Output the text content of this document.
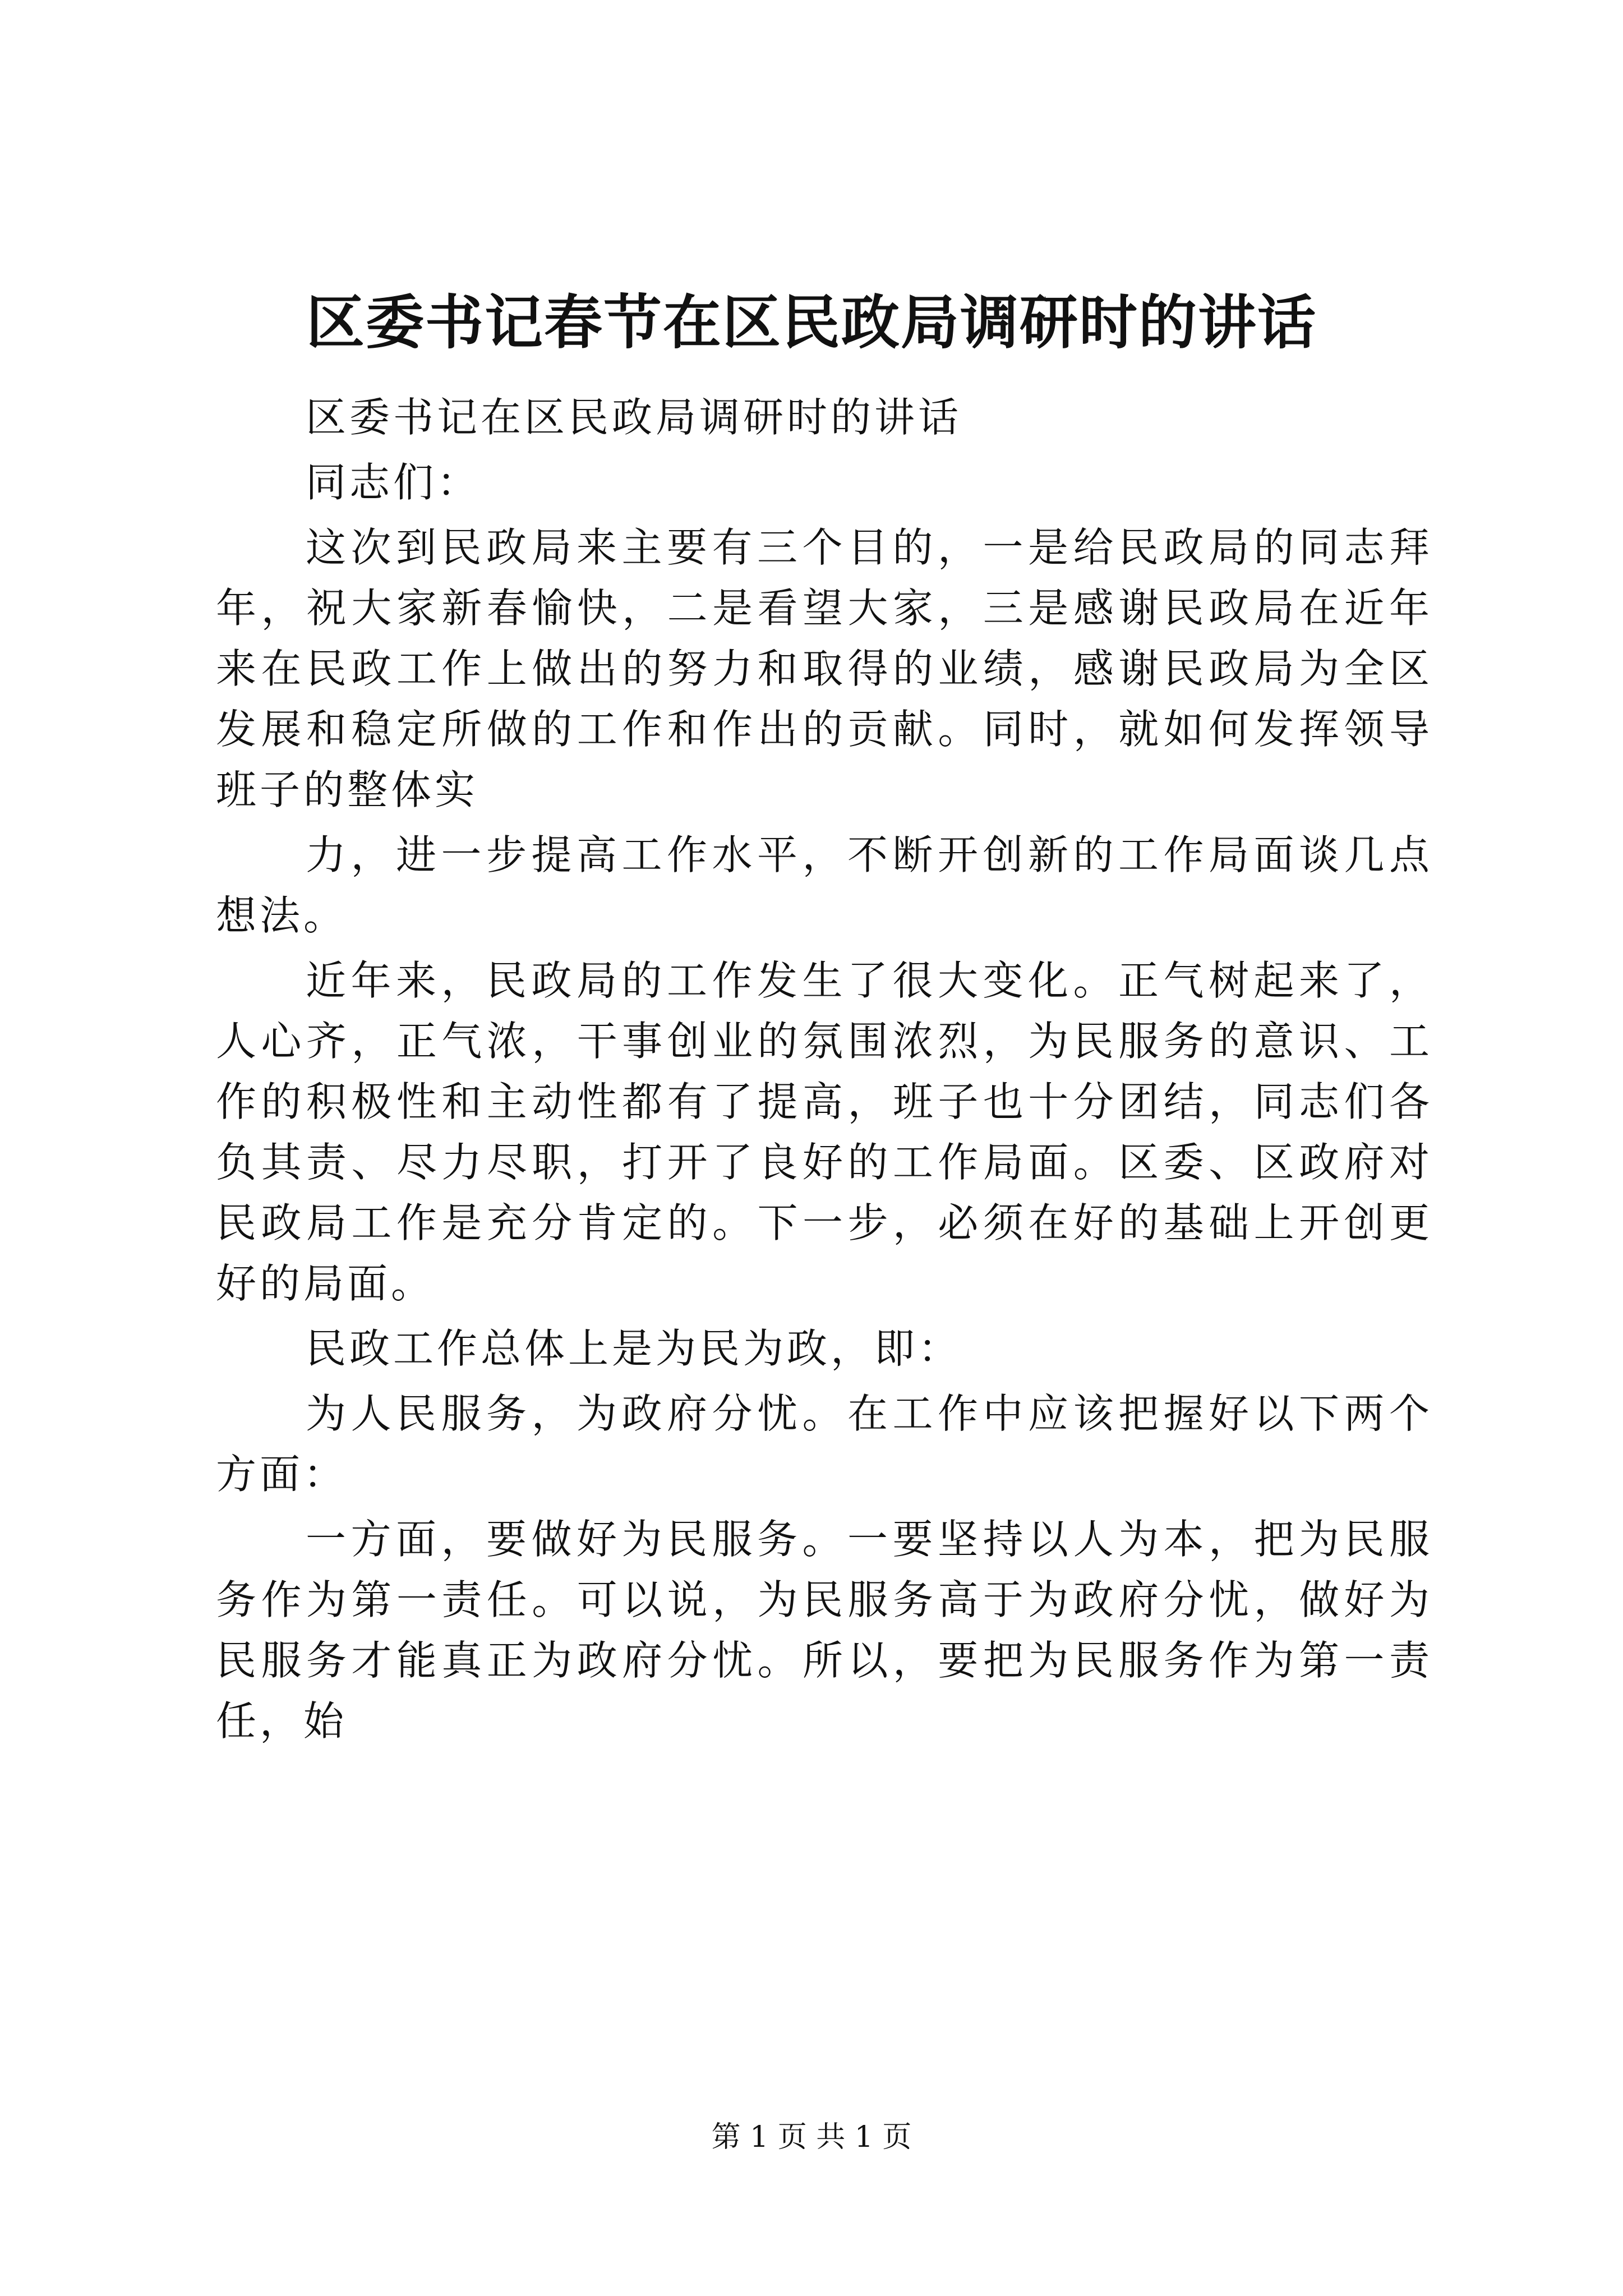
区委书记春节在区民政局调研时的讲话

区委书记在区民政局调研时的讲话

同志们：

这次到民政局来主要有三个目的，一是给民政局的同志拜年，祝大家新春愉快，二是看望大家，三是感谢民政局在近年来在民政工作上做出的努力和取得的业绩，感谢民政局为全区发展和稳定所做的工作和作出的贡献。同时，就如何发挥领导班子的整体实

力，进一步提高工作水平，不断开创新的工作局面谈几点想法。

近年来，民政局的工作发生了很大变化。正气树起来了，人心齐，正气浓，干事创业的氛围浓烈，为民服务的意识、工作的积极性和主动性都有了提高，班子也十分团结，同志们各负其责、尽力尽职，打开了良好的工作局面。区委、区政府对民政局工作是充分肯定的。下一步，必须在好的基础上开创更好的局面。

民政工作总体上是为民为政，即：

为人民服务，为政府分忧。在工作中应该把握好以下两个方面：

一方面，要做好为民服务。一要坚持以人为本，把为民服务作为第一责任。可以说，为民服务高于为政府分忧，做好为民服务才能真正为政府分忧。所以，要把为民服务作为第一责任，始

第 1 页 共 1 页
